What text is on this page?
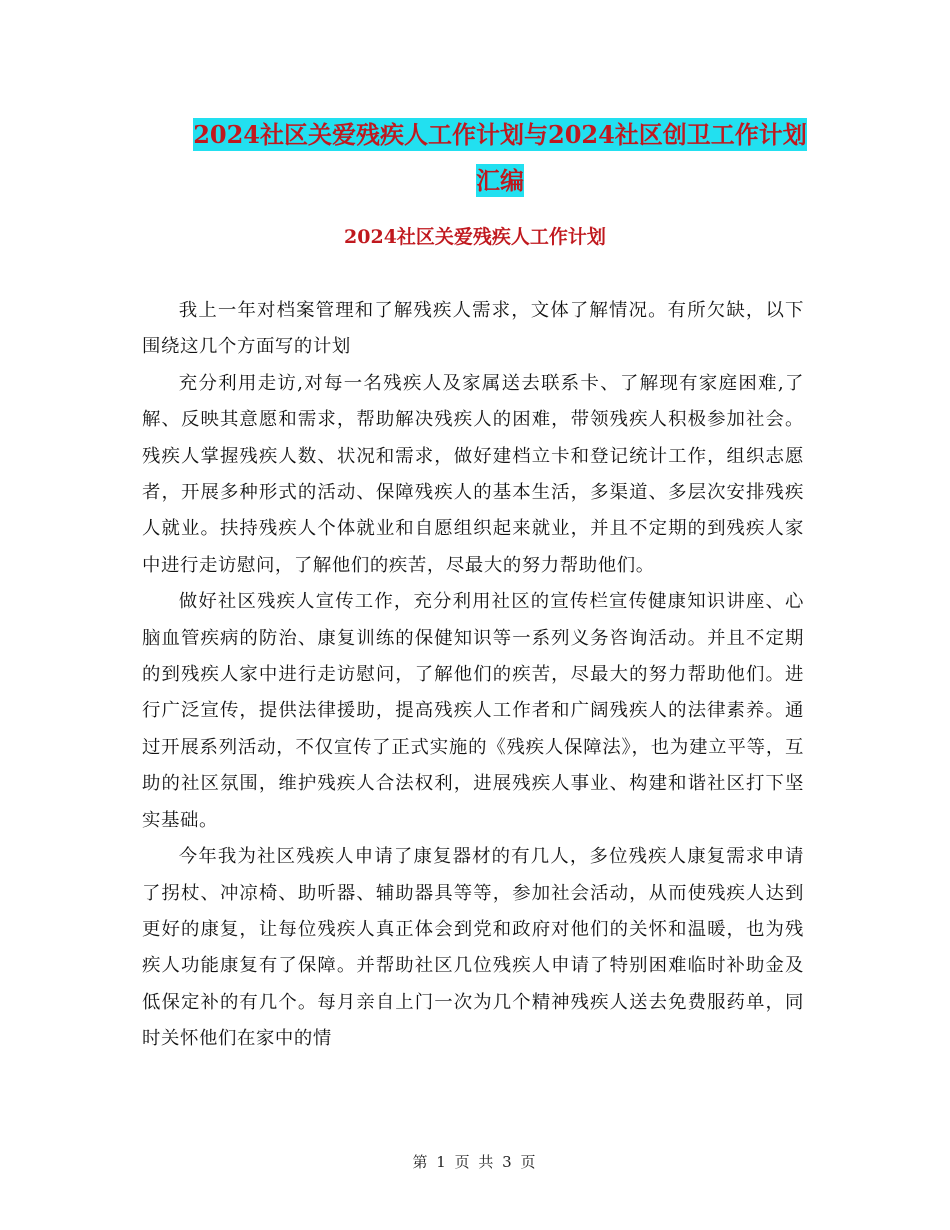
2024社区关爱残疾人工作计划与2024社区创卫工作计划汇编
2024社区关爱残疾人工作计划

我上一年对档案管理和了解残疾人需求，文体了解情况。有所欠缺，以下围绕这几个方面写的计划

充分利用走访,对每一名残疾人及家属送去联系卡、了解现有家庭困难,了解、反映其意愿和需求，帮助解决残疾人的困难，带领残疾人积极参加社会。残疾人掌握残疾人数、状况和需求，做好建档立卡和登记统计工作，组织志愿者，开展多种形式的活动、保障残疾人的基本生活，多渠道、多层次安排残疾人就业。扶持残疾人个体就业和自愿组织起来就业，并且不定期的到残疾人家中进行走访慰问，了解他们的疾苦，尽最大的努力帮助他们。

做好社区残疾人宣传工作，充分利用社区的宣传栏宣传健康知识讲座、心脑血管疾病的防治、康复训练的保健知识等一系列义务咨询活动。并且不定期的到残疾人家中进行走访慰问，了解他们的疾苦，尽最大的努力帮助他们。进行广泛宣传，提供法律援助，提高残疾人工作者和广阔残疾人的法律素养。通过开展系列活动，不仅宣传了正式实施的《残疾人保障法》，也为建立平等，互助的社区氛围，维护残疾人合法权利，进展残疾人事业、构建和谐社区打下坚实基础。

今年我为社区残疾人申请了康复器材的有几人，多位残疾人康复需求申请了拐杖、冲凉椅、助听器、辅助器具等等，参加社会活动，从而使残疾人达到更好的康复，让每位残疾人真正体会到党和政府对他们的关怀和温暖，也为残疾人功能康复有了保障。并帮助社区几位残疾人申请了特别困难临时补助金及低保定补的有几个。每月亲自上门一次为几个精神残疾人送去免费服药单，同时关怀他们在家中的情

第 1 页 共 3 页
